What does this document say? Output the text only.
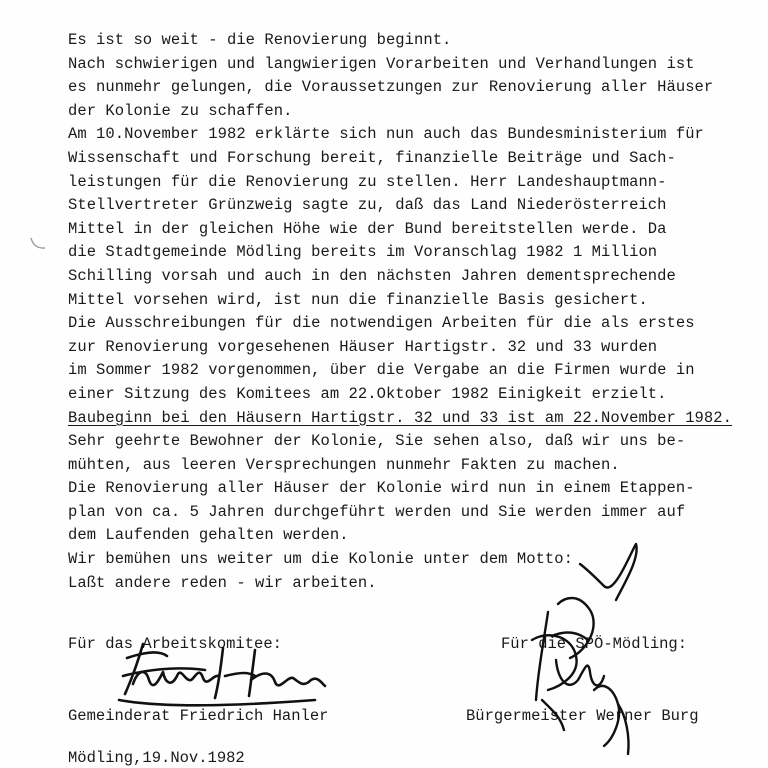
Es ist so weit - die Renovierung beginnt.
Nach schwierigen und langwierigen Vorarbeiten und Verhandlungen ist
es nunmehr gelungen, die Voraussetzungen zur Renovierung aller Häuser
der Kolonie zu schaffen.
Am 10.November 1982 erklärte sich nun auch das Bundesministerium für
Wissenschaft und Forschung bereit, finanzielle Beiträge und Sach-
leistungen für die Renovierung zu stellen. Herr Landeshauptmann-
Stellvertreter Grünzweig sagte zu, daß das Land Niederösterreich
Mittel in der gleichen Höhe wie der Bund bereitstellen werde. Da
die Stadtgemeinde Mödling bereits im Voranschlag 1982 1 Million
Schilling vorsah und auch in den nächsten Jahren dementsprechende
Mittel vorsehen wird, ist nun die finanzielle Basis gesichert.
Die Ausschreibungen für die notwendigen Arbeiten für die als erstes
zur Renovierung vorgesehenen Häuser Hartigstr. 32 und 33 wurden
im Sommer 1982 vorgenommen, über die Vergabe an die Firmen wurde in
einer Sitzung des Komitees am 22.Oktober 1982 Einigkeit erzielt.
Baubeginn bei den Häusern Hartigstr. 32 und 33 ist am 22.November 1982.
Sehr geehrte Bewohner der Kolonie, Sie sehen also, daß wir uns be-
mühten, aus leeren Versprechungen nunmehr Fakten zu machen.
Die Renovierung aller Häuser der Kolonie wird nun in einem Etappen-
plan von ca. 5 Jahren durchgeführt werden und Sie werden immer auf
dem Laufenden gehalten werden.
Wir bemühen uns weiter um die Kolonie unter dem Motto:
Laßt andere reden - wir arbeiten.
Für das Arbeitskomitee:
Gemeinderat Friedrich Hanler
Für die SPÖ-Mödling:
Bürgermeister Werner Burg
Mödling,19.Nov.1982
